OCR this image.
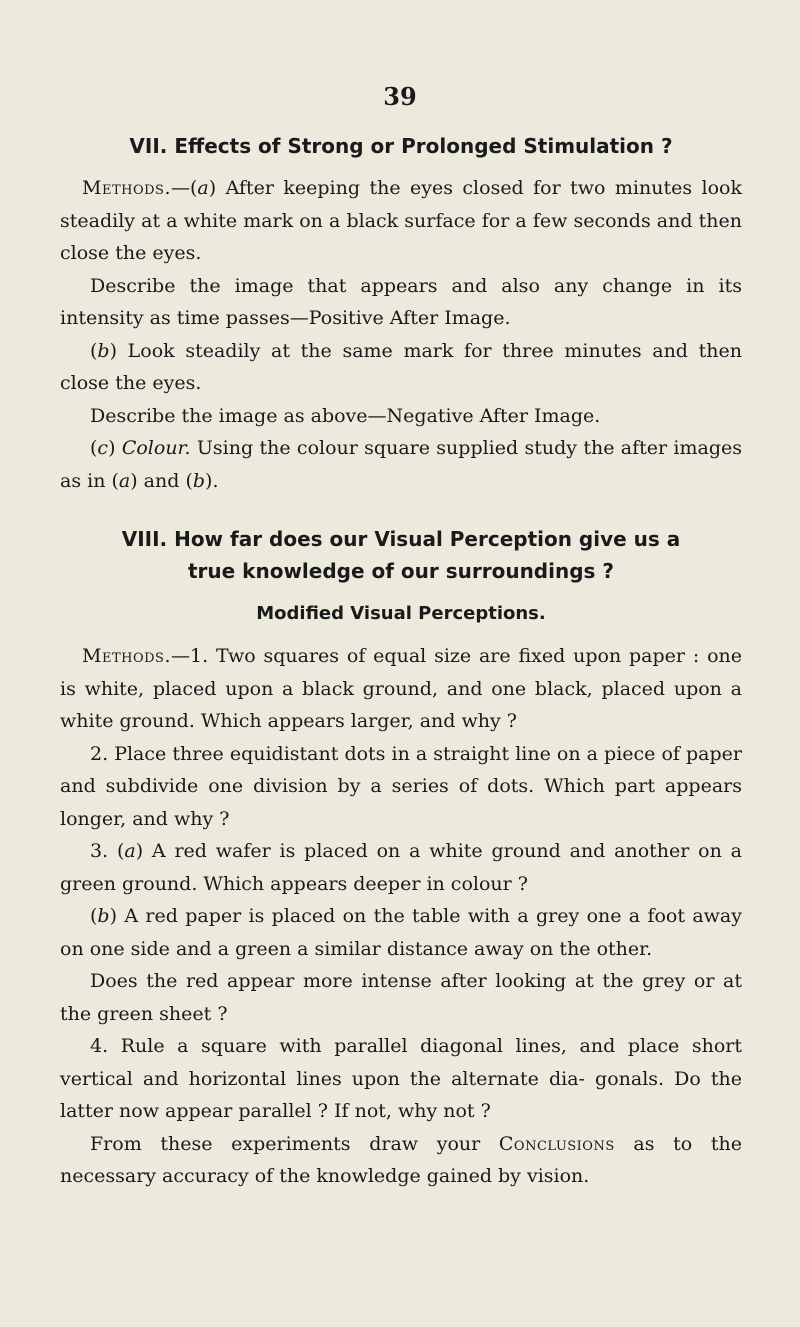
39
VII. Effects of Strong or Prolonged Stimulation ?

Methods.—(a) After keeping the eyes closed for two minutes look steadily at a white mark on a black surface for a few seconds and then close the eyes.

Describe the image that appears and also any change in its intensity as time passes—Positive After Image.

(b) Look steadily at the same mark for three minutes and then close the eyes.

Describe the image as above—Negative After Image.

(c) Colour. Using the colour square supplied study the after images as in (a) and (b).

VIII. How far does our Visual Perception give us a true knowledge of our surroundings ?
Modified Visual Perceptions.

Methods.—1. Two squares of equal size are fixed upon paper : one is white, placed upon a black ground, and one black, placed upon a white ground. Which appears larger, and why ?

2. Place three equidistant dots in a straight line on a piece of paper and subdivide one division by a series of dots. Which part appears longer, and why ?

3. (a) A red wafer is placed on a white ground and another on a green ground. Which appears deeper in colour ?

(b) A red paper is placed on the table with a grey one a foot away on one side and a green a similar distance away on the other.

Does the red appear more intense after looking at the grey or at the green sheet ?

4. Rule a square with parallel diagonal lines, and place short vertical and horizontal lines upon the alternate dia- gonals. Do the latter now appear parallel ? If not, why not ?

From these experiments draw your Conclusions as to the necessary accuracy of the knowledge gained by vision.
